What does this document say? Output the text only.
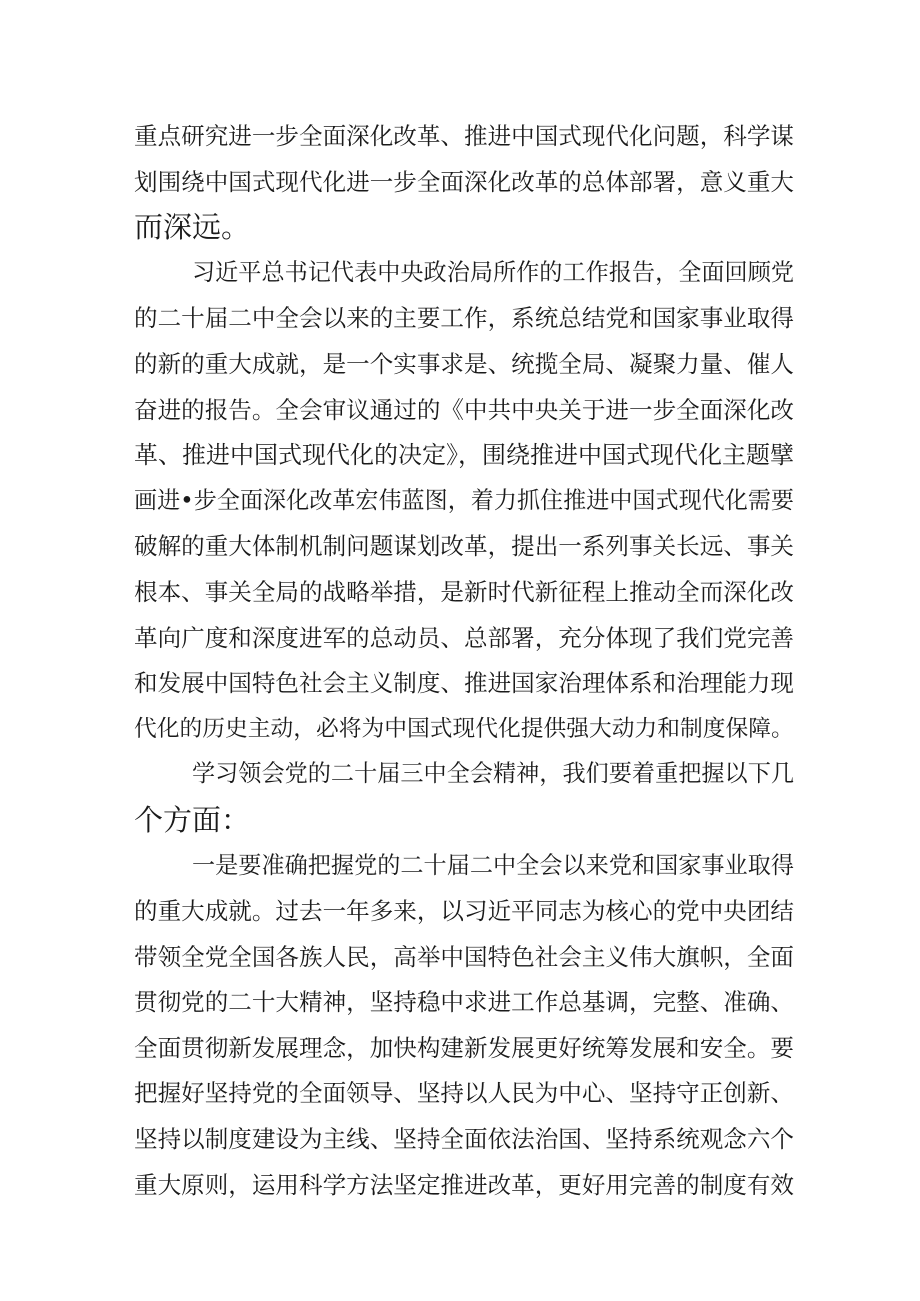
重点研究进一步全面深化改革、推进中国式现代化问题，科学谋
划围绕中国式现代化进一步全面深化改革的总体部署，意义重大
而深远。
习近平总书记代表中央政治局所作的工作报告，全面回顾党
的二十届二中全会以来的主要工作，系统总结党和国家事业取得
的新的重大成就，是一个实事求是、统揽全局、凝聚力量、催人
奋进的报告。全会审议通过的《中共中央关于进一步全面深化改
革、推进中国式现代化的决定》，围绕推进中国式现代化主题擘
画进•步全面深化改革宏伟蓝图，着力抓住推进中国式现代化需要
破解的重大体制机制问题谋划改革，提出一系列事关长远、事关
根本、事关全局的战略举措，是新时代新征程上推动全而深化改
革向广度和深度进军的总动员、总部署，充分体现了我们党完善
和发展中国特色社会主义制度、推进国家治理体系和治理能力现
代化的历史主动，必将为中国式现代化提供强大动力和制度保障。
学习领会党的二十届三中全会精神，我们要着重把握以下几
个方面：
一是要准确把握党的二十届二中全会以来党和国家事业取得
的重大成就。过去一年多来，以习近平同志为核心的党中央团结
带领全党全国各族人民，高举中国特色社会主义伟大旗帜，全面
贯彻党的二十大精神，坚持稳中求进工作总基调，完整、准确、
全面贯彻新发展理念，加快构建新发展更好统筹发展和安全。要
把握好坚持党的全面领导、坚持以人民为中心、坚持守正创新、
坚持以制度建设为主线、坚持全面依法治国、坚持系统观念六个
重大原则，运用科学方法坚定推进改革，更好用完善的制度有效
